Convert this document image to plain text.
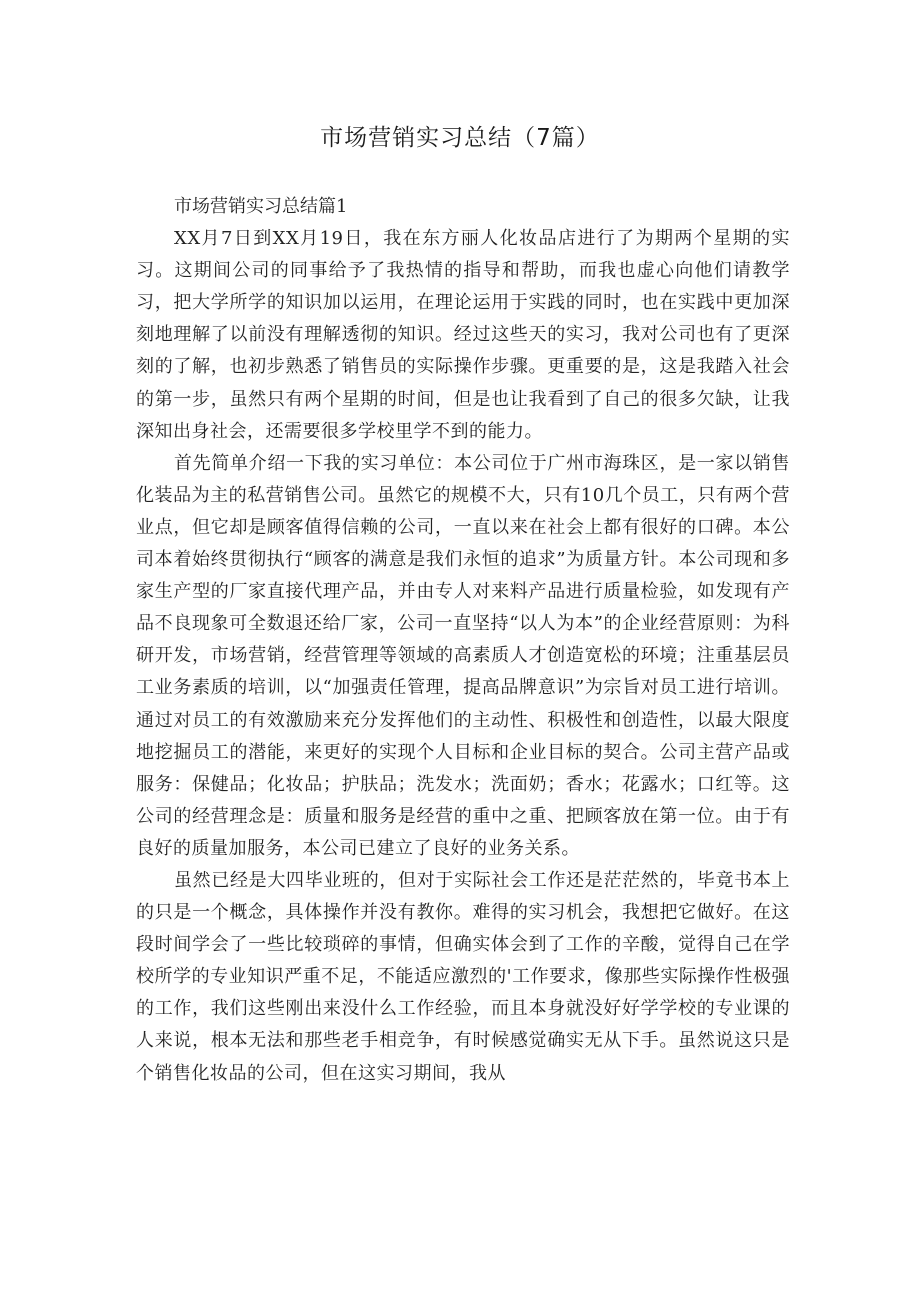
市场营销实习总结（7篇）

市场营销实习总结篇1

XX月7日到XX月19日，我在东方丽人化妆品店进行了为期两个星期的实习。这期间公司的同事给予了我热情的指导和帮助，而我也虚心向他们请教学习，把大学所学的知识加以运用，在理论运用于实践的同时，也在实践中更加深刻地理解了以前没有理解透彻的知识。经过这些天的实习，我对公司也有了更深刻的了解，也初步熟悉了销售员的实际操作步骤。更重要的是，这是我踏入社会的第一步，虽然只有两个星期的时间，但是也让我看到了自己的很多欠缺，让我深知出身社会，还需要很多学校里学不到的能力。

首先简单介绍一下我的实习单位：本公司位于广州市海珠区，是一家以销售化装品为主的私营销售公司。虽然它的规模不大，只有10几个员工，只有两个营业点，但它却是顾客值得信赖的公司，一直以来在社会上都有很好的口碑。本公司本着始终贯彻执行“顾客的满意是我们永恒的追求”为质量方针。本公司现和多家生产型的厂家直接代理产品，并由专人对来料产品进行质量检验，如发现有产品不良现象可全数退还给厂家，公司一直坚持“以人为本”的企业经营原则：为科研开发，市场营销，经营管理等领域的高素质人才创造宽松的环境；注重基层员工业务素质的培训，以“加强责任管理，提高品牌意识”为宗旨对员工进行培训。通过对员工的有效激励来充分发挥他们的主动性、积极性和创造性，以最大限度地挖掘员工的潜能，来更好的实现个人目标和企业目标的契合。公司主营产品或服务：保健品；化妆品；护肤品；洗发水；洗面奶；香水；花露水；口红等。这公司的经营理念是：质量和服务是经营的重中之重、把顾客放在第一位。由于有良好的质量加服务，本公司已建立了良好的业务关系。

虽然已经是大四毕业班的，但对于实际社会工作还是茫茫然的，毕竟书本上的只是一个概念，具体操作并没有教你。难得的实习机会，我想把它做好。在这段时间学会了一些比较琐碎的事情，但确实体会到了工作的辛酸，觉得自己在学校所学的专业知识严重不足，不能适应激烈的'工作要求，像那些实际操作性极强的工作，我们这些刚出来没什么工作经验，而且本身就没好好学学校的专业课的人来说，根本无法和那些老手相竞争，有时候感觉确实无从下手。虽然说这只是个销售化妆品的公司，但在这实习期间，我从
